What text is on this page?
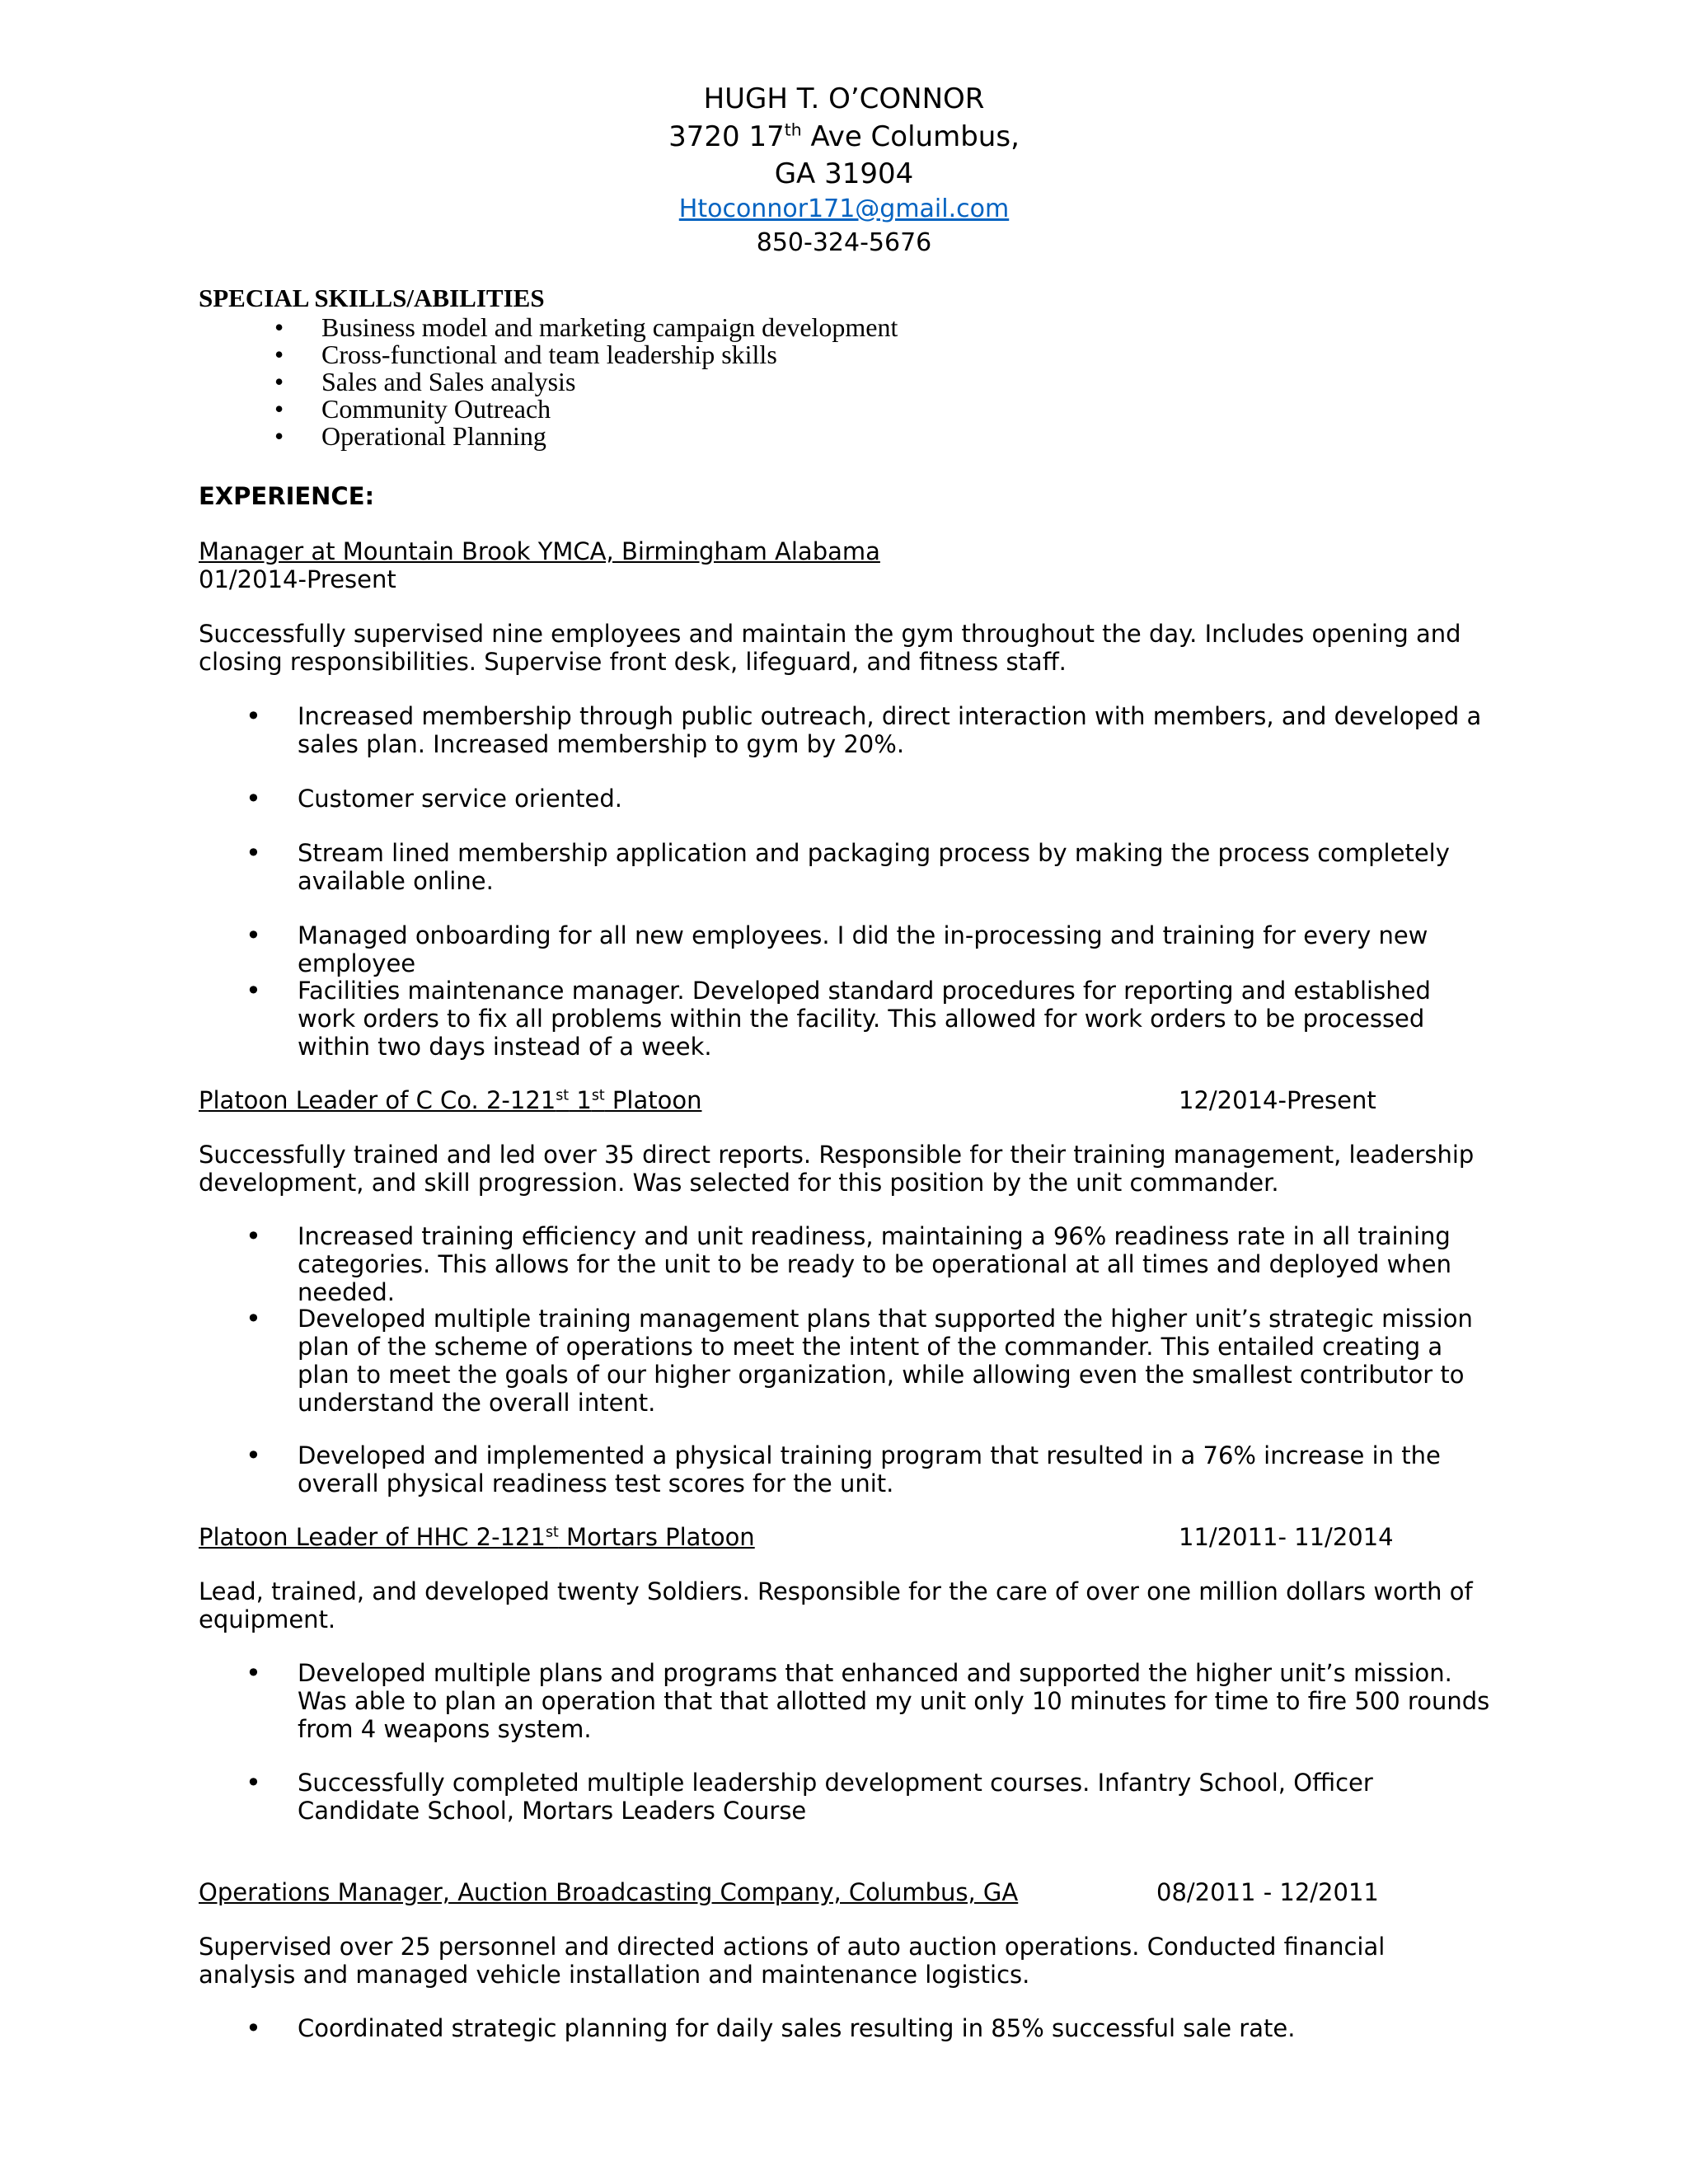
HUGH T. O’CONNOR
3720 17th Ave Columbus,
GA 31904
Htoconnor171@gmail.com
850-324-5676
SPECIAL SKILLS/ABILITIES
• Business model and marketing campaign development
• Cross-functional and team leadership skills
• Sales and Sales analysis
• Community Outreach
• Operational Planning
EXPERIENCE:
Manager at Mountain Brook YMCA, Birmingham Alabama
01/2014-Present
Successfully supervised nine employees and maintain the gym throughout the day. Includes opening and closing responsibilities. Supervise front desk, lifeguard, and fitness staff.
• Increased membership through public outreach, direct interaction with members, and developed a sales plan. Increased membership to gym by 20%.
• Customer service oriented.
• Stream lined membership application and packaging process by making the process completely available online.
• Managed onboarding for all new employees. I did the in-processing and training for every new employee
• Facilities maintenance manager. Developed standard procedures for reporting and established work orders to fix all problems within the facility. This allowed for work orders to be processed within two days instead of a week.
Platoon Leader of C Co. 2-121st 1st Platoon	12/2014-Present
Successfully trained and led over 35 direct reports. Responsible for their training management, leadership development, and skill progression. Was selected for this position by the unit commander.
• Increased training efficiency and unit readiness, maintaining a 96% readiness rate in all training categories. This allows for the unit to be ready to be operational at all times and deployed when needed.
• Developed multiple training management plans that supported the higher unit’s strategic mission plan of the scheme of operations to meet the intent of the commander. This entailed creating a plan to meet the goals of our higher organization, while allowing even the smallest contributor to understand the overall intent.
• Developed and implemented a physical training program that resulted in a 76% increase in the overall physical readiness test scores for the unit.
Platoon Leader of HHC 2-121st Mortars Platoon	11/2011- 11/2014
Lead, trained, and developed twenty Soldiers. Responsible for the care of over one million dollars worth of equipment.
• Developed multiple plans and programs that enhanced and supported the higher unit’s mission. Was able to plan an operation that that allotted my unit only 10 minutes for time to fire 500 rounds from 4 weapons system.
• Successfully completed multiple leadership development courses. Infantry School, Officer Candidate School, Mortars Leaders Course
Operations Manager, Auction Broadcasting Company, Columbus, GA	08/2011 - 12/2011
Supervised over 25 personnel and directed actions of auto auction operations. Conducted financial analysis and managed vehicle installation and maintenance logistics.
• Coordinated strategic planning for daily sales resulting in 85% successful sale rate.
